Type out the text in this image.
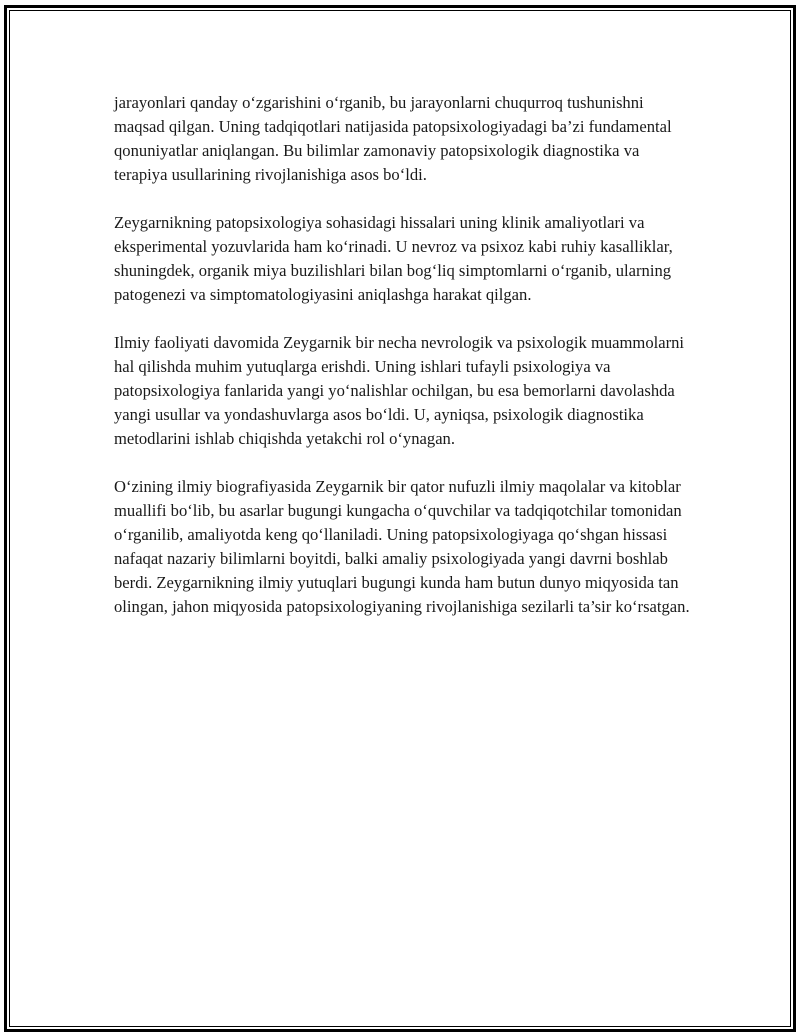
jarayonlari qanday o‘zgarishini o‘rganib, bu jarayonlarni chuqurroq tushunishni maqsad qilgan. Uning tadqiqotlari natijasida patopsixologiyadagi ba’zi fundamental qonuniyatlar aniqlangan. Bu bilimlar zamonaviy patopsixologik diagnostika va terapiya usullarining rivojlanishiga asos bo‘ldi.

Zeygarnikning patopsixologiya sohasidagi hissalari uning klinik amaliyotlari va eksperimental yozuvlarida ham ko‘rinadi. U nevroz va psixoz kabi ruhiy kasalliklar, shuningdek, organik miya buzilishlari bilan bog‘liq simptomlarni o‘rganib, ularning patogenezi va simptomatologiyasini aniqlashga harakat qilgan.

Ilmiy faoliyati davomida Zeygarnik bir necha nevrologik va psixologik muammolarni hal qilishda muhim yutuqlarga erishdi. Uning ishlari tufayli psixologiya va patopsixologiya fanlarida yangi yo‘nalishlar ochilgan, bu esa bemorlarni davolashda yangi usullar va yondashuvlarga asos bo‘ldi. U, ayniqsa, psixologik diagnostika metodlarini ishlab chiqishda yetakchi rol o‘ynagan.

O‘zining ilmiy biografiyasida Zeygarnik bir qator nufuzli ilmiy maqolalar va kitoblar muallifi bo‘lib, bu asarlar bugungi kungacha o‘quvchilar va tadqiqotchilar tomonidan o‘rganilib, amaliyotda keng qo‘llaniladi. Uning patopsixologiyaga qo‘shgan hissasi nafaqat nazariy bilimlarni boyitdi, balki amaliy psixologiyada yangi davrni boshlab berdi. Zeygarnikning ilmiy yutuqlari bugungi kunda ham butun dunyo miqyosida tan olingan, jahon miqyosida patopsixologiyaning rivojlanishiga sezilarli ta’sir ko‘rsatgan.
